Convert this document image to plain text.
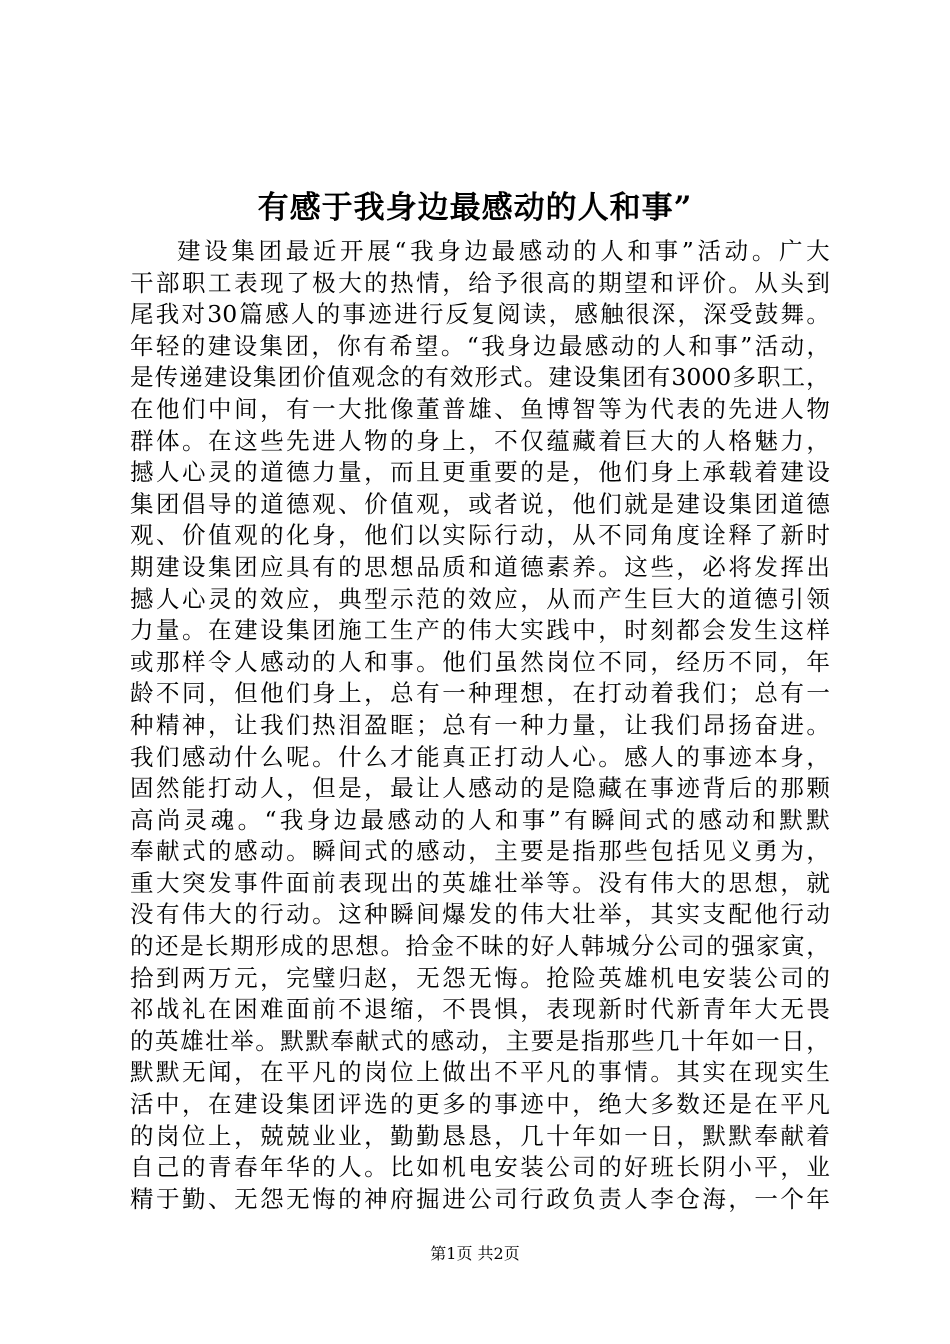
有感于我身边最感动的人和事”
建 设 集 团 最 近 开 展 “ 我 身 边 最 感 动 的 人 和 事 ” 活 动 。 广 大
干 部 职 工 表 现 了 极 大 的 热 情 ， 给 予 很 高 的 期 望 和 评 价 。 从 头 到
尾 我 对 30 篇 感 人 的 事 迹 进 行 反 复 阅 读 ， 感 触 很 深 ， 深 受 鼓 舞 。
年 轻 的 建 设 集 团 ， 你 有 希 望 。 “ 我 身 边 最 感 动 的 人 和 事 ” 活 动 ，
是 传 递 建 设 集 团 价 值 观 念 的 有 效 形 式 。 建 设 集 团 有 3000 多 职 工 ，
在 他 们 中 间 ， 有 一 大 批 像 董 普 雄 、 鱼 博 智 等 为 代 表 的 先 进 人 物
群 体 。 在 这 些 先 进 人 物 的 身 上 ， 不 仅 蕴 藏 着 巨 大 的 人 格 魅 力 ，
撼 人 心 灵 的 道 德 力 量 ， 而 且 更 重 要 的 是 ， 他 们 身 上 承 载 着 建 设
集 团 倡 导 的 道 德 观 、 价 值 观 ， 或 者 说 ， 他 们 就 是 建 设 集 团 道 德
观 、 价 值 观 的 化 身 ， 他 们 以 实 际 行 动 ， 从 不 同 角 度 诠 释 了 新 时
期 建 设 集 团 应 具 有 的 思 想 品 质 和 道 德 素 养 。 这 些 ， 必 将 发 挥 出
撼 人 心 灵 的 效 应 ， 典 型 示 范 的 效 应 ， 从 而 产 生 巨 大 的 道 德 引 领
力 量 。 在 建 设 集 团 施 工 生 产 的 伟 大 实 践 中 ， 时 刻 都 会 发 生 这 样
或 那 样 令 人 感 动 的 人 和 事 。 他 们 虽 然 岗 位 不 同 ， 经 历 不 同 ， 年
龄 不 同 ， 但 他 们 身 上 ， 总 有 一 种 理 想 ， 在 打 动 着 我 们 ； 总 有 一
种 精 神 ， 让 我 们 热 泪 盈 眶 ； 总 有 一 种 力 量 ， 让 我 们 昂 扬 奋 进 。
我 们 感 动 什 么 呢 。 什 么 才 能 真 正 打 动 人 心 。 感 人 的 事 迹 本 身 ，
固 然 能 打 动 人 ， 但 是 ， 最 让 人 感 动 的 是 隐 藏 在 事 迹 背 后 的 那 颗
高 尚 灵 魂 。 “ 我 身 边 最 感 动 的 人 和 事 ” 有 瞬 间 式 的 感 动 和 默 默
奉 献 式 的 感 动 。 瞬 间 式 的 感 动 ， 主 要 是 指 那 些 包 括 见 义 勇 为 ，
重 大 突 发 事 件 面 前 表 现 出 的 英 雄 壮 举 等 。 没 有 伟 大 的 思 想 ， 就
没 有 伟 大 的 行 动 。 这 种 瞬 间 爆 发 的 伟 大 壮 举 ， 其 实 支 配 他 行 动
的 还 是 长 期 形 成 的 思 想 。 拾 金 不 昧 的 好 人 韩 城 分 公 司 的 强 家 寅 ，
拾 到 两 万 元 ， 完 璧 归 赵 ， 无 怨 无 悔 。 抢 险 英 雄 机 电 安 装 公 司 的
祁 战 礼 在 困 难 面 前 不 退 缩 ， 不 畏 惧 ， 表 现 新 时 代 新 青 年 大 无 畏
的 英 雄 壮 举 。 默 默 奉 献 式 的 感 动 ， 主 要 是 指 那 些 几 十 年 如 一 日 ，
默 默 无 闻 ， 在 平 凡 的 岗 位 上 做 出 不 平 凡 的 事 情 。 其 实 在 现 实 生
活 中 ， 在 建 设 集 团 评 选 的 更 多 的 事 迹 中 ， 绝 大 多 数 还 是 在 平 凡
的 岗 位 上 ， 兢 兢 业 业 ， 勤 勤 恳 恳 ， 几 十 年 如 一 日 ， 默 默 奉 献 着
自 己 的 青 春 年 华 的 人 。 比 如 机 电 安 装 公 司 的 好 班 长 阴 小 平 ， 业
精 于 勤 、 无 怨 无 悔 的 神 府 掘 进 公 司 行 政 负 责 人 李 仓 海 ， 一 个 年
第1页 共2页
